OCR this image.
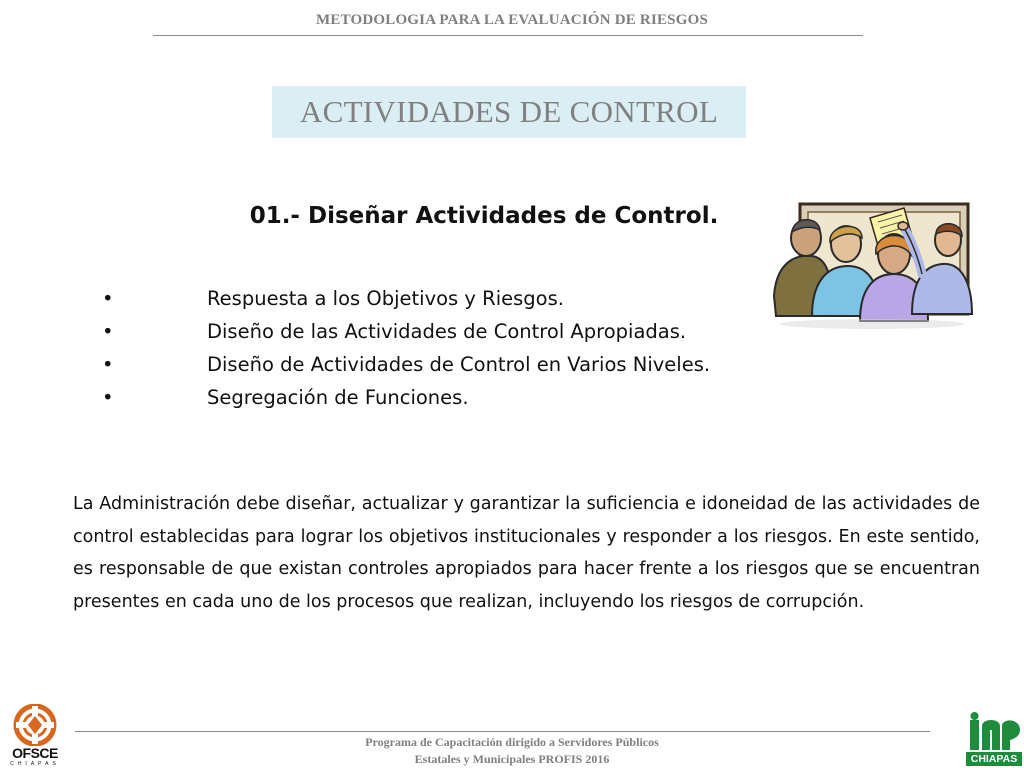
METODOLOGIA PARA LA EVALUACIÓN DE RIESGOS
ACTIVIDADES DE CONTROL
01.- Diseñar Actividades de Control.
•	Respuesta a los Objetivos y Riesgos.
•	Diseño de las Actividades de Control Apropiadas.
•	Diseño de Actividades de Control en Varios Niveles.
•	Segregación de Funciones.

La Administración debe diseñar, actualizar y garantizar la suficiencia e idoneidad de las actividades de control establecidas para lograr los objetivos institucionales y responder a los riesgos. En este sentido, es responsable de que existan controles apropiados para hacer frente a los riesgos que se encuentran presentes en cada uno de los procesos que realizan, incluyendo los riesgos de corrupción.

Programa de Capacitación dirigido a Servidores Públicos
Estatales y Municipales PROFIS 2016
OFSCE
CHIAPAS	CHIAPAS
